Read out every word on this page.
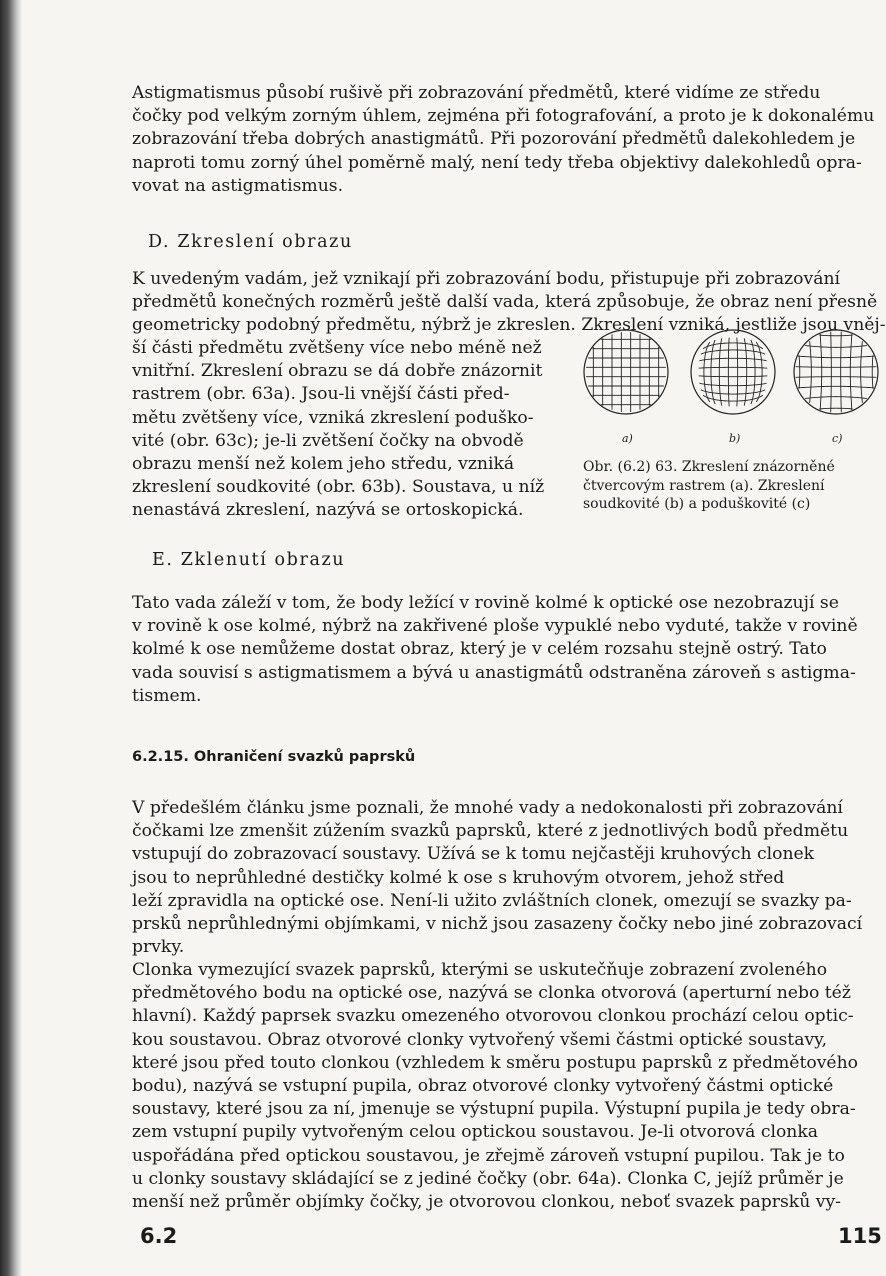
Astigmatismus působí rušivě při zobrazování předmětů, které vidíme ze středu
čočky pod velkým zorným úhlem, zejména při fotografování, a proto je k dokonalému
zobrazování třeba dobrých anastigmátů. Při pozorování předmětů dalekohledem je
naproti tomu zorný úhel poměrně malý, není tedy třeba objektivy dalekohledů opra-
vovat na astigmatismus.
D. Zkreslení obrazu
K uvedeným vadám, jež vznikají při zobrazování bodu, přistupuje při zobrazování
předmětů konečných rozměrů ještě další vada, která způsobuje, že obraz není přesně
geometricky podobný předmětu, nýbrž je zkreslen. Zkreslení vzniká, jestliže jsou vněj-
ší části předmětu zvětšeny více nebo méně než
vnitřní. Zkreslení obrazu se dá dobře znázornit
rastrem (obr. 63a). Jsou-li vnější části před-
mětu zvětšeny více, vzniká zkreslení poduško-
vité (obr. 63c); je-li zvětšení čočky na obvodě
obrazu menší než kolem jeho středu, vzniká
zkreslení soudkovité (obr. 63b). Soustava, u níž
nenastává zkreslení, nazývá se ortoskopická.
a)	b)	c)
Obr. (6.2) 63. Zkreslení znázorněné
čtvercovým rastrem (a). Zkreslení
soudkovité (b) a poduškovité (c)
E. Zklenutí obrazu
Tato vada záleží v tom, že body ležící v rovině kolmé k optické ose nezobrazují se
v rovině k ose kolmé, nýbrž na zakřivené ploše vypuklé nebo vyduté, takže v rovině
kolmé k ose nemůžeme dostat obraz, který je v celém rozsahu stejně ostrý. Tato
vada souvisí s astigmatismem a bývá u anastigmátů odstraněna zároveň s astigma-
tismem.
6.2.15. Ohraničení svazků paprsků
V předešlém článku jsme poznali, že mnohé vady a nedokonalosti při zobrazování
čočkami lze zmenšit zúžením svazků paprsků, které z jednotlivých bodů předmětu
vstupují do zobrazovací soustavy. Užívá se k tomu nejčastěji kruhových clonek
jsou to neprůhledné destičky kolmé k ose s kruhovým otvorem, jehož střed
leží zpravidla na optické ose. Není-li užito zvláštních clonek, omezují se svazky pa-
prsků neprůhlednými objímkami, v nichž jsou zasazeny čočky nebo jiné zobrazovací
prvky.
Clonka vymezující svazek paprsků, kterými se uskutečňuje zobrazení zvoleného
předmětového bodu na optické ose, nazývá se clonka otvorová (aperturní nebo též
hlavní). Každý paprsek svazku omezeného otvorovou clonkou prochází celou optic-
kou soustavou. Obraz otvorové clonky vytvořený všemi částmi optické soustavy,
které jsou před touto clonkou (vzhledem k směru postupu paprsků z předmětového
bodu), nazývá se vstupní pupila, obraz otvorové clonky vytvořený částmi optické
soustavy, které jsou za ní, jmenuje se výstupní pupila. Výstupní pupila je tedy obra-
zem vstupní pupily vytvořeným celou optickou soustavou. Je-li otvorová clonka
uspořádána před optickou soustavou, je zřejmě zároveň vstupní pupilou. Tak je to
u clonky soustavy skládající se z jediné čočky (obr. 64a). Clonka C, jejíž průměr je
menší než průměr objímky čočky, je otvorovou clonkou, neboť svazek paprsků vy-
6.2	115
